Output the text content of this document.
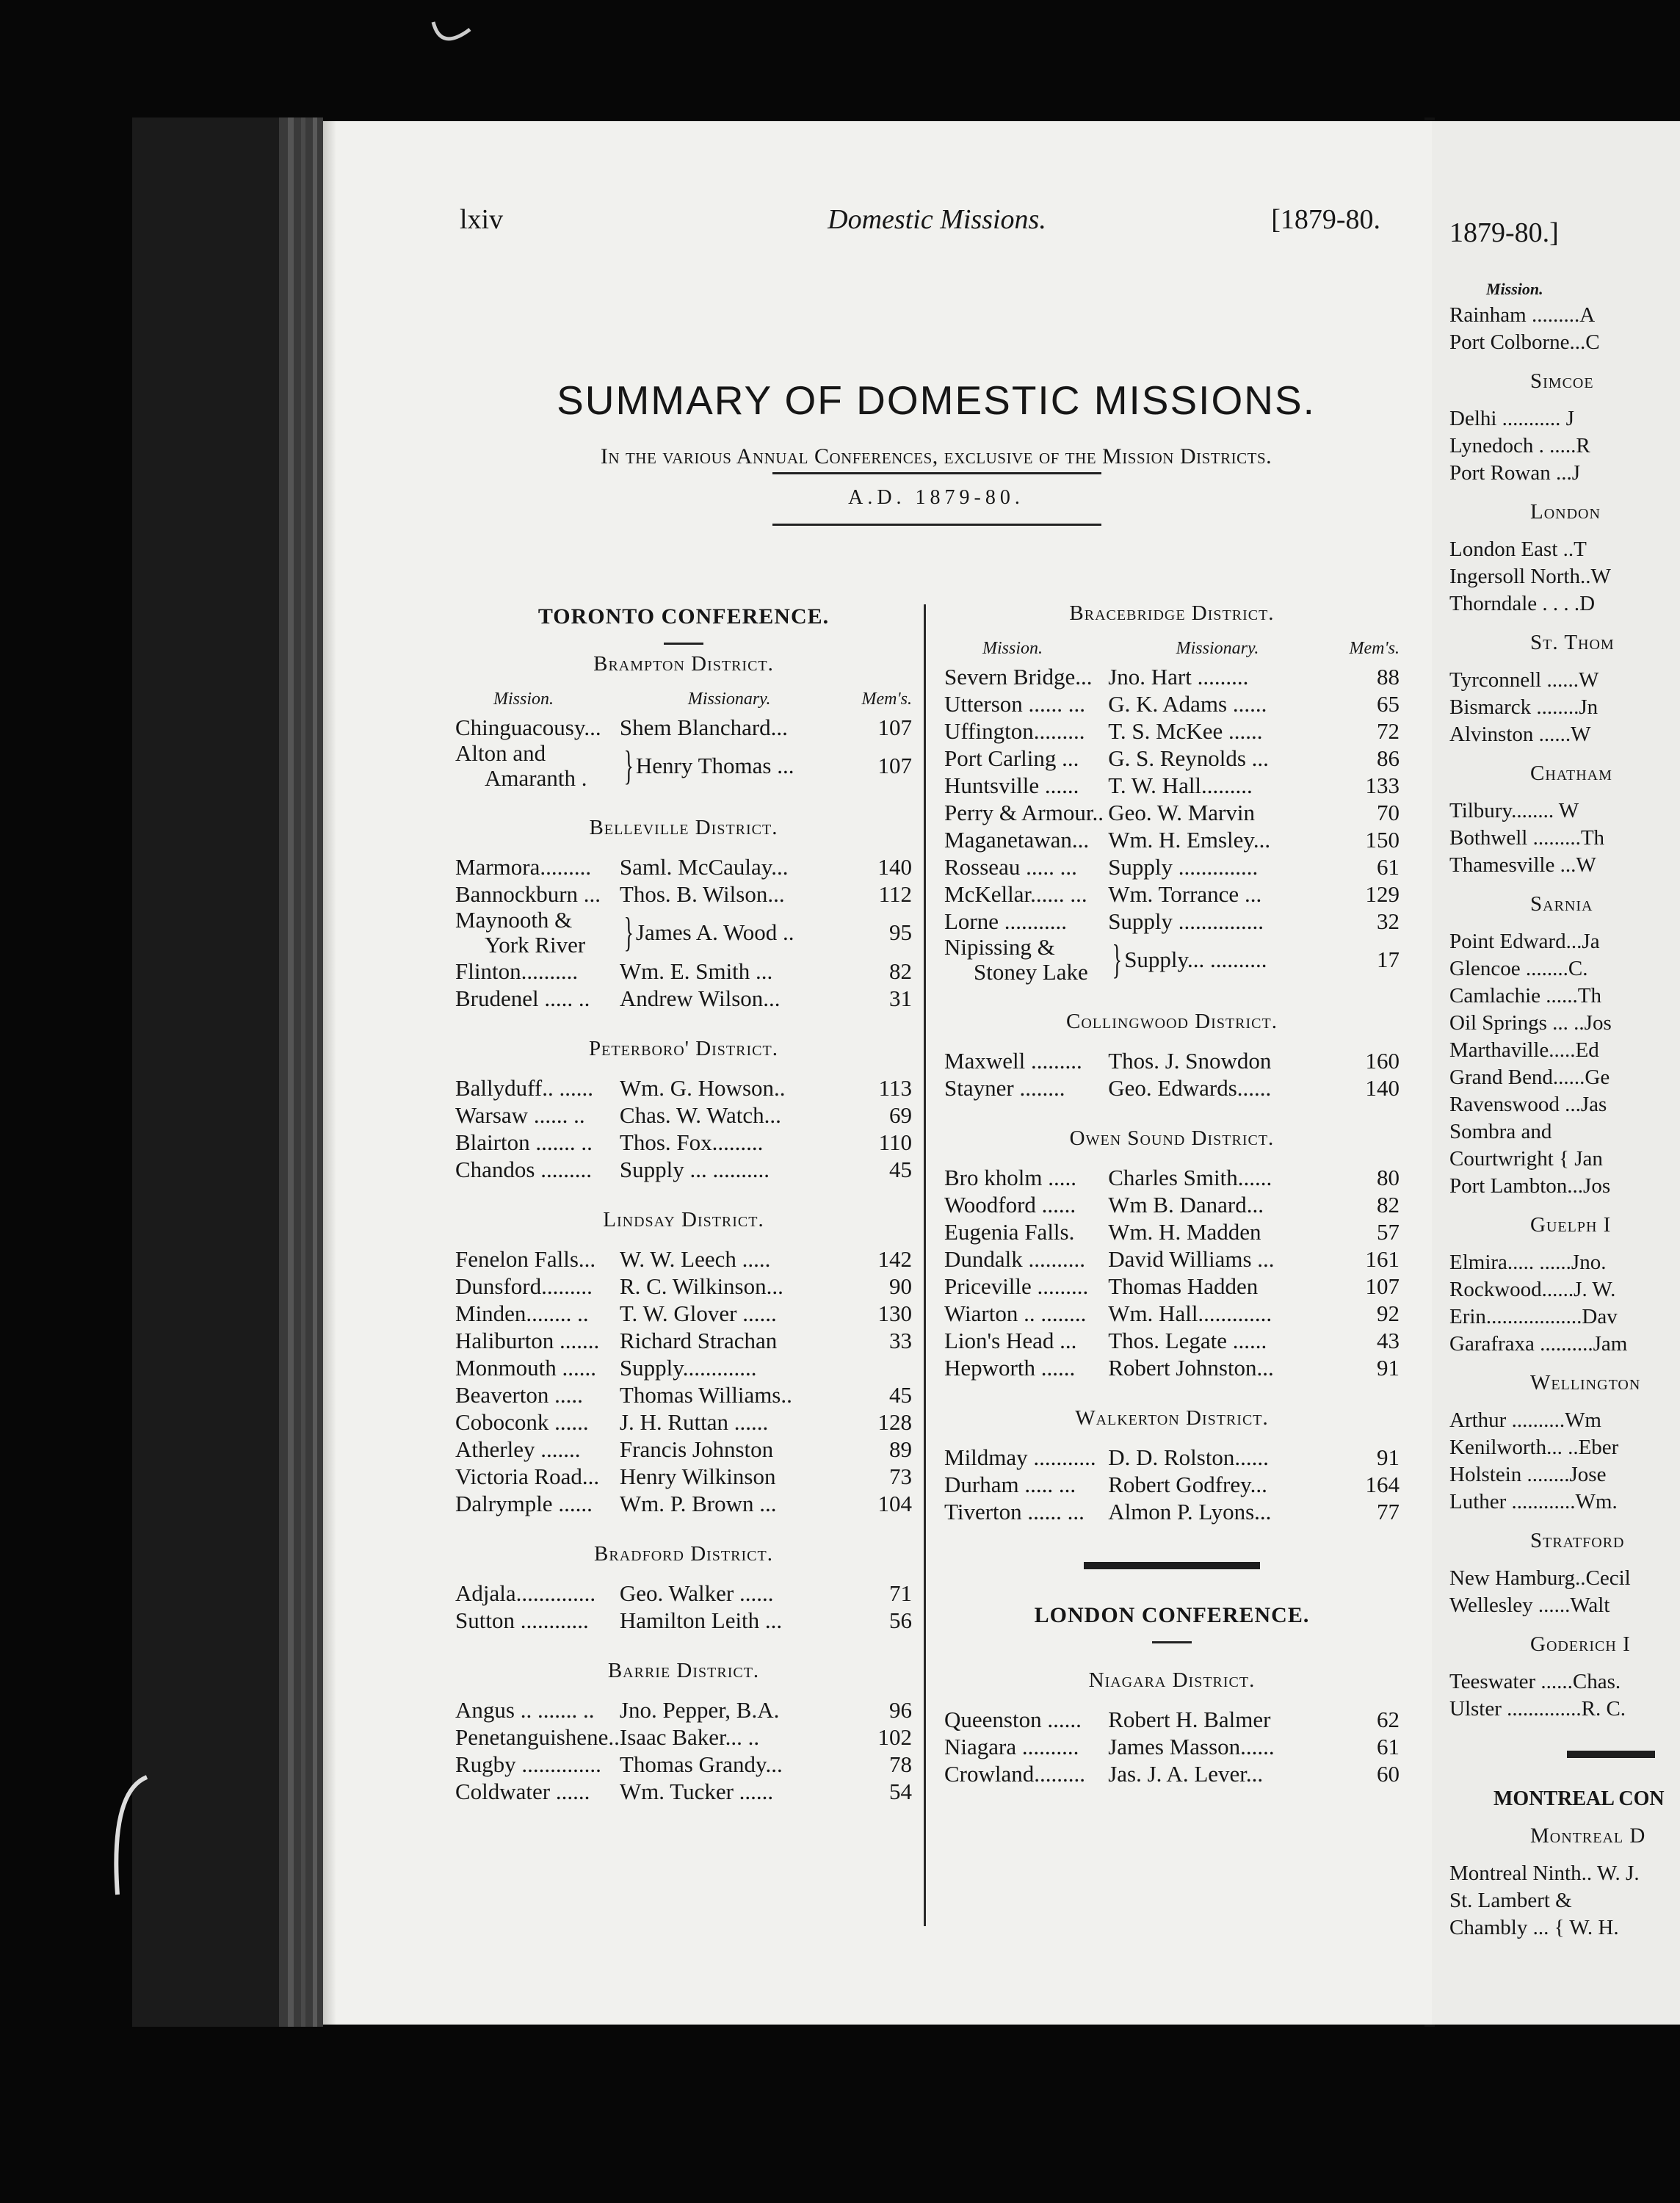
lxiv	Domestic Missions.	[1879-80.
SUMMARY OF DOMESTIC MISSIONS.
In the various Annual Conferences, exclusive of the Mission Districts.
A.D. 1879-80.
TORONTO CONFERENCE.
Brampton District.
Mission.	Missionary.	Mem's.
Chinguacousy... Shem Blanchard...	107
Alton and
Amaranth . } Henry Thomas ...	107
Belleville District.
Marmora.........	Saml. McCaulay...	140
Bannockburn ... Thos. B. Wilson...	112
Maynooth &
York River } James A. Wood ..	95
Flinton..........	Wm. E. Smith ...	82
Brudenel ..... ..	Andrew Wilson...	31
Peterboro' District.
Ballyduff.. ......	Wm. G. Howson..	113
Warsaw ...... ..	Chas. W. Watch...	69
Blairton ....... ..	Thos. Fox.........	110
Chandos .........	Supply ... ..........	45
Lindsay District.
Fenelon Falls...	W. W. Leech .....	142
Dunsford.........	R. C. Wilkinson...	90
Minden........ ..	T. W. Glover ......	130
Haliburton ....... Richard Strachan	33
Monmouth ......	Supply.............
Beaverton .....	Thomas Williams..	45
Coboconk ......	J. H. Ruttan ......	128
Atherley .......	Francis Johnston	89
Victoria Road... Henry Wilkinson	73
Dalrymple ......	Wm. P. Brown ...	104
Bradford District.
Adjala..............	Geo. Walker ......	71
Sutton ............	Hamilton Leith ...	56
Barrie District.
Angus .. ....... ..	Jno. Pepper, B.A.	96
Penetanguishene.. Isaac Baker... ..	102
Rugby .............. Thomas Grandy...	78
Coldwater ......	Wm. Tucker ......	54
Bracebridge District.
Mission.	Missionary.	Mem's.
Severn Bridge... Jno. Hart .........	88
Utterson ...... ...	G. K. Adams ......	65
Uffington.........	T. S. McKee ......	72
Port Carling ...	G. S. Reynolds ...	86
Huntsville ......	T. W. Hall.........	133
Perry & Armour.. Geo. W. Marvin	70
Maganetawan... Wm. H. Emsley...	150
Rosseau ..... ...	Supply ..............	61
McKellar...... ... Wm. Torrance ...	129
Lorne ...........	Supply ...............	32
Nipissing &
Stoney Lake } Supply... ..........	17
Collingwood District.
Maxwell .........	Thos. J. Snowdon	160
Stayner ........	Geo. Edwards......	140
Owen Sound District.
Bro kholm .....	Charles Smith......	80
Woodford ......	Wm B. Danard...	82
Eugenia Falls.	Wm. H. Madden	57
Dundalk ..........	David Williams ...	161
Priceville ......... Thomas Hadden	107
Wiarton .. ........ Wm. Hall.............	92
Lion's Head ...	Thos. Legate ......	43
Hepworth ......	Robert Johnston...	91
Walkerton District.
Mildmay ........... D. D. Rolston......	91
Durham ..... ...	Robert Godfrey...	164
Tiverton ...... ...	Almon P. Lyons...	77
LONDON CONFERENCE.
Niagara District.
Queenston ......	Robert H. Balmer	62
Niagara ..........	James Masson......	61
Crowland.........	Jas. J. A. Lever...	60
1879-80.]
Mission.
Rainham .........A
Port Colborne...C
Simcoe
Delhi ........... J
Lynedoch . .....R
Port Rowan ...J
London
London East ..T
Ingersoll North..W
Thorndale . . . .D
St. Thom
Tyrconnell ......W
Bismarck ........Jn
Alvinston ......W
Chatham
Tilbury........ W
Bothwell .........Th
Thamesville ...W
Sarnia
Point Edward...Ja
Glencoe ........C.
Camlachie ......Th
Oil Springs ... ..Jos
Marthaville.....Ed
Grand Bend......Ge
Ravenswood ...Jas
Sombra and
Courtwright { Jan
Port Lambton...Jos
Guelph I
Elmira..... ......Jno.
Rockwood......J. W.
Erin..................Dav
Garafraxa ..........Jam
Wellington
Arthur ..........Wm
Kenilworth... ..Eber
Holstein ........Jose
Luther ............Wm.
Stratford
New Hamburg..Cecil
Wellesley ......Walt
Goderich I
Teeswater ......Chas.
Ulster ..............R. C.
MONTREAL CON
Montreal D
Montreal Ninth.. W. J.
St. Lambert &
Chambly ... { W. H.
